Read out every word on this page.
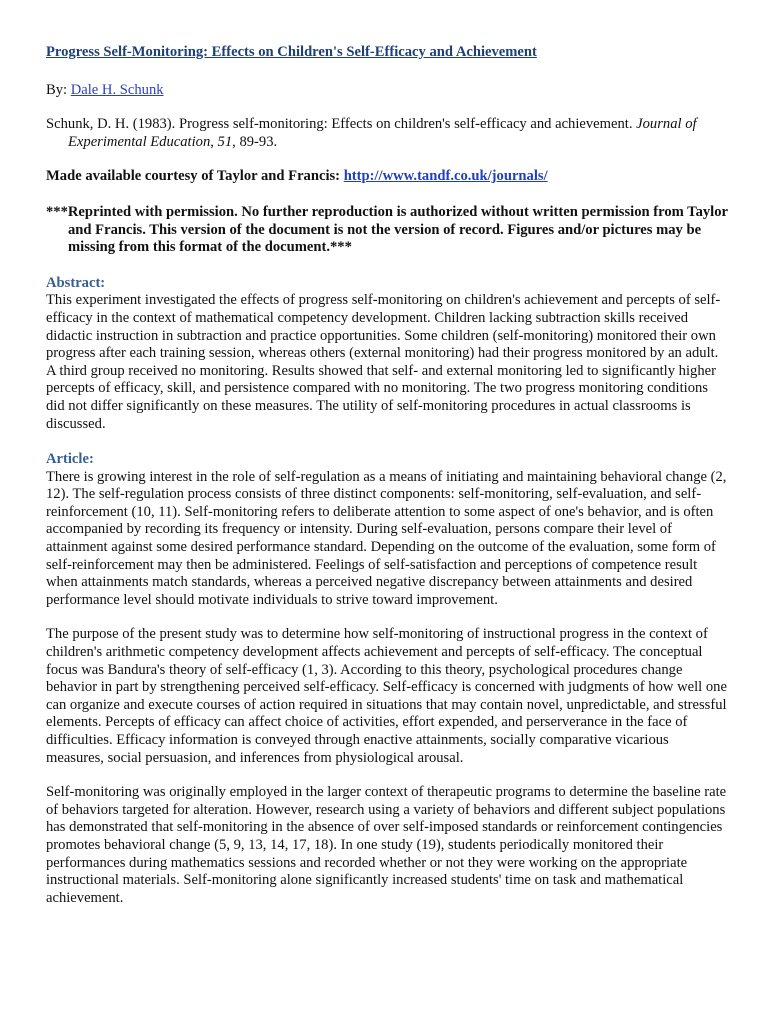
Progress Self-Monitoring: Effects on Children's Self-Efficacy and Achievement
By: Dale H. Schunk
Schunk, D. H. (1983). Progress self-monitoring: Effects on children's self-efficacy and achievement. Journal of Experimental Education, 51, 89-93.
Made available courtesy of Taylor and Francis: http://www.tandf.co.uk/journals/
***Reprinted with permission. No further reproduction is authorized without written permission from Taylor and Francis. This version of the document is not the version of record. Figures and/or pictures may be missing from this format of the document.***
Abstract:

This experiment investigated the effects of progress self-monitoring on children's achievement and percepts of self-efficacy in the context of mathematical competency development. Children lacking subtraction skills received didactic instruction in subtraction and practice opportunities. Some children (self-monitoring) monitored their own progress after each training session, whereas others (external monitoring) had their progress monitored by an adult. A third group received no monitoring. Results showed that self- and external monitoring led to significantly higher percepts of efficacy, skill, and persistence compared with no monitoring. The two progress monitoring conditions did not differ significantly on these measures. The utility of self-monitoring procedures in actual classrooms is discussed.

Article:

There is growing interest in the role of self-regulation as a means of initiating and maintaining behavioral change (2, 12). The self-regulation process consists of three distinct components: self-monitoring, self-evaluation, and self-reinforcement (10, 11). Self-monitoring refers to deliberate attention to some aspect of one's behavior, and is often accompanied by recording its frequency or intensity. During self-evaluation, persons compare their level of attainment against some desired performance standard. Depending on the outcome of the evaluation, some form of self-reinforcement may then be administered. Feelings of self-satisfaction and perceptions of competence result when attainments match standards, whereas a perceived negative discrepancy between attainments and desired performance level should motivate individuals to strive toward improvement.

The purpose of the present study was to determine how self-monitoring of instructional progress in the context of children's arithmetic competency development affects achievement and percepts of self-efficacy. The conceptual focus was Bandura's theory of self-efficacy (1, 3). According to this theory, psychological procedures change behavior in part by strengthening perceived self-efficacy. Self-efficacy is concerned with judgments of how well one can organize and execute courses of action required in situations that may contain novel, unpredictable, and stressful elements. Percepts of efficacy can affect choice of activities, effort expended, and perserverance in the face of difficulties. Efficacy information is conveyed through enactive attainments, socially comparative vicarious measures, social persuasion, and inferences from physiological arousal.

Self-monitoring was originally employed in the larger context of therapeutic programs to determine the baseline rate of behaviors targeted for alteration. However, research using a variety of behaviors and different subject populations has demonstrated that self-monitoring in the absence of over self-imposed standards or reinforcement contingencies promotes behavioral change (5, 9, 13, 14, 17, 18). In one study (19), students periodically monitored their performances during mathematics sessions and recorded whether or not they were working on the appropriate instructional materials. Self-monitoring alone significantly increased students' time on task and mathematical achievement.
